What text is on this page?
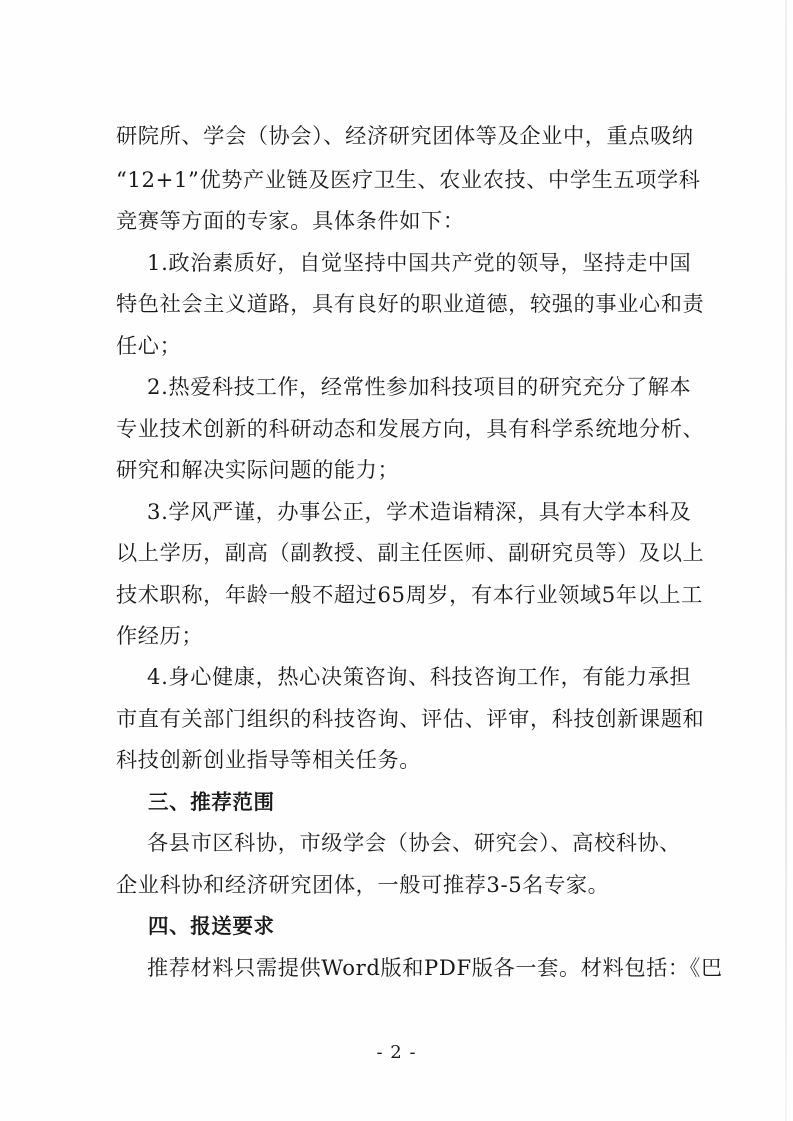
研院所、学会（协会）、经济研究团体等及企业中，重点吸纳
“12+1”优势产业链及医疗卫生、农业农技、中学生五项学科
竞赛等方面的专家。具体条件如下：
1.政治素质好，自觉坚持中国共产党的领导，坚持走中国
特色社会主义道路，具有良好的职业道德，较强的事业心和责
任心；
2.热爱科技工作，经常性参加科技项目的研究充分了解本
专业技术创新的科研动态和发展方向，具有科学系统地分析、
研究和解决实际问题的能力；
3.学风严谨，办事公正，学术造诣精深，具有大学本科及
以上学历，副高（副教授、副主任医师、副研究员等）及以上
技术职称，年龄一般不超过65周岁，有本行业领域5年以上工
作经历；
4.身心健康，热心决策咨询、科技咨询工作，有能力承担
市直有关部门组织的科技咨询、评估、评审，科技创新课题和
科技创新创业指导等相关任务。
三、推荐范围
各县市区科协，市级学会（协会、研究会）、高校科协、
企业科协和经济研究团体，一般可推荐3-5名专家。
四、报送要求
推荐材料只需提供Word版和PDF版各一套。材料包括：《巴
- 2 -
